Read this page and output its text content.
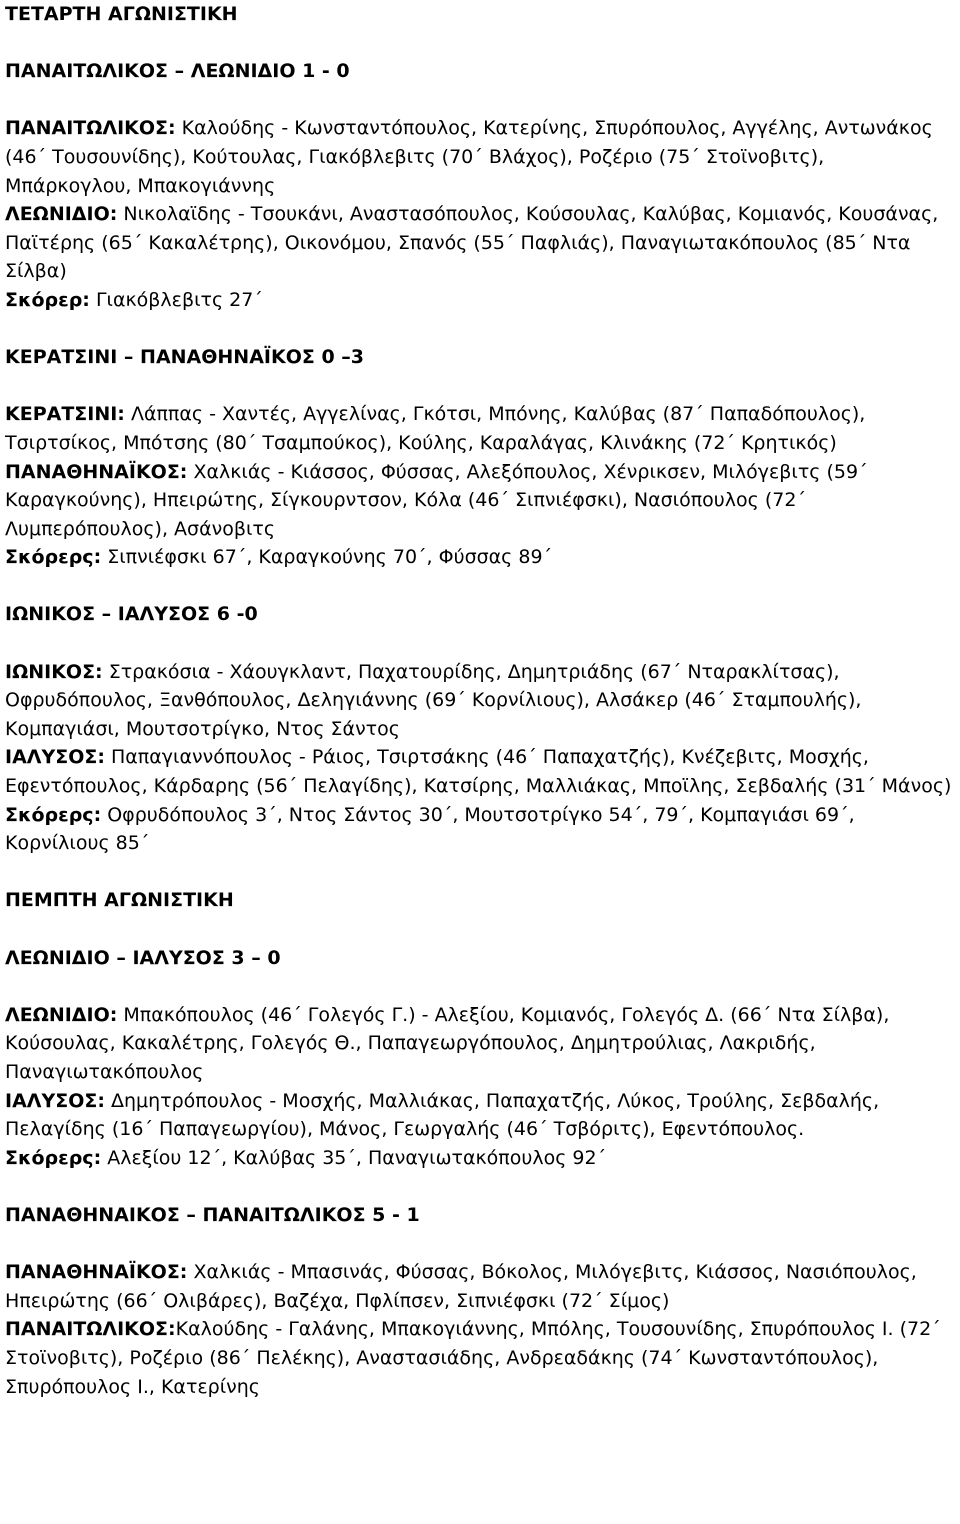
ΤΕΤΑΡΤΗ ΑΓΩΝΙΣΤΙΚΗ
ΠΑΝΑΙΤΩΛΙΚΟΣ – ΛΕΩΝΙΔΙΟ 1 - 0

ΠΑΝΑΙΤΩΛΙΚΟΣ: Καλούδης - Κωνσταντόπουλος, Κατερίνης, Σπυρόπουλος, Αγγέλης, Αντωνάκος (46΄ Τουσουνίδης), Κούτουλας, Γιακόβλεβιτς (70΄ Βλάχος), Ροζέριο (75΄ Στοϊνοβιτς), Μπάρκογλου, Μπακογιάννης

ΛΕΩΝΙΔΙΟ: Νικολαϊδης - Τσουκάνι, Αναστασόπουλος, Κούσουλας, Καλύβας, Κομιανός, Κουσάνας, Παϊτέρης (65΄ Κακαλέτρης), Οικονόμου, Σπανός (55΄ Παφλιάς), Παναγιωτακόπουλος (85΄ Ντα Σίλβα)

Σκόρερ: Γιακόβλεβιτς 27΄

ΚΕΡΑΤΣΙΝΙ – ΠΑΝΑΘΗΝΑΪΚΟΣ 0 –3

ΚΕΡΑΤΣΙΝΙ: Λάππας - Χαντές, Αγγελίνας, Γκότσι, Μπόνης, Καλύβας (87΄ Παπαδόπουλος), Τσιρτσίκος, Μπότσης (80΄ Τσαμπούκος), Κούλης, Καραλάγας, Κλινάκης (72΄ Κρητικός)

ΠΑΝΑΘΗΝΑΪΚΟΣ: Χαλκιάς - Κιάσσος, Φύσσας, Αλεξόπουλος, Χένρικσεν, Μιλόγεβιτς (59΄ Καραγκούνης), Ηπειρώτης, Σίγκουρντσον, Κόλα (46΄ Σιπνιέφσκι), Νασιόπουλος (72΄ Λυμπερόπουλος), Ασάνοβιτς

Σκόρερς: Σιπνιέφσκι 67΄, Καραγκούνης 70΄, Φύσσας 89΄

ΙΩΝΙΚΟΣ – ΙΑΛΥΣΟΣ 6 -0

ΙΩΝΙΚΟΣ: Στρακόσια - Χάουγκλαντ, Παχατουρίδης, Δημητριάδης (67΄ Νταρακλίτσας), Οφρυδόπουλος, Ξανθόπουλος, Δεληγιάννης (69΄ Κορνίλιους), Αλσάκερ (46΄ Σταμπουλής), Κομπαγιάσι, Μουτσοτρίγκο, Ντος Σάντος

ΙΑΛΥΣΟΣ: Παπαγιαννόπουλος - Ράιος, Τσιρτσάκης (46΄ Παπαχατζής), Κνέζεβιτς, Μοσχής, Εφεντόπουλος, Κάρδαρης (56΄ Πελαγίδης), Κατσίρης, Μαλλιάκας, Μποϊλης, Σεβδαλής (31΄ Μάνος)

Σκόρερς: Οφρυδόπουλος 3΄, Ντος Σάντος 30΄, Μουτσοτρίγκο 54΄, 79΄, Κομπαγιάσι 69΄, Κορνίλιους 85΄

ΠΕΜΠΤΗ ΑΓΩΝΙΣΤΙΚΗ
ΛΕΩΝΙΔΙΟ – ΙΑΛΥΣΟΣ 3 – 0

ΛΕΩΝΙΔΙΟ: Μπακόπουλος (46΄ Γολεγός Γ.) - Αλεξίου, Κομιανός, Γολεγός Δ. (66΄ Ντα Σίλβα), Κούσουλας, Κακαλέτρης, Γολεγός Θ., Παπαγεωργόπουλος, Δημητρούλιας, Λακριδής, Παναγιωτακόπουλος

ΙΑΛΥΣΟΣ: Δημητρόπουλος - Μοσχής, Μαλλιάκας, Παπαχατζής, Λύκος, Τρούλης, Σεβδαλής, Πελαγίδης (16΄ Παπαγεωργίου), Μάνος, Γεωργαλής (46΄ Τσβόριτς), Εφεντόπουλος.

Σκόρερς: Αλεξίου 12΄, Καλύβας 35΄, Παναγιωτακόπουλος 92΄

ΠΑΝΑΘΗΝΑΙΚΟΣ – ΠΑΝΑΙΤΩΛΙΚΟΣ 5 - 1

ΠΑΝΑΘΗΝΑΪΚΟΣ: Χαλκιάς - Μπασινάς, Φύσσας, Βόκολος, Μιλόγεβιτς, Κιάσσος, Νασιόπουλος, Ηπειρώτης (66΄ Ολιβάρες), Βαζέχα, Πφλίπσεν, Σιπνιέφσκι (72΄ Σίμος)

ΠΑΝΑΙΤΩΛΙΚΟΣ:Καλούδης - Γαλάνης, Μπακογιάννης, Μπόλης, Τουσουνίδης, Σπυρόπουλος Ι. (72΄ Στοϊνοβιτς), Ροζέριο (86΄ Πελέκης), Αναστασιάδης, Ανδρεαδάκης (74΄ Κωνσταντόπουλος), Σπυρόπουλος Ι., Κατερίνης
